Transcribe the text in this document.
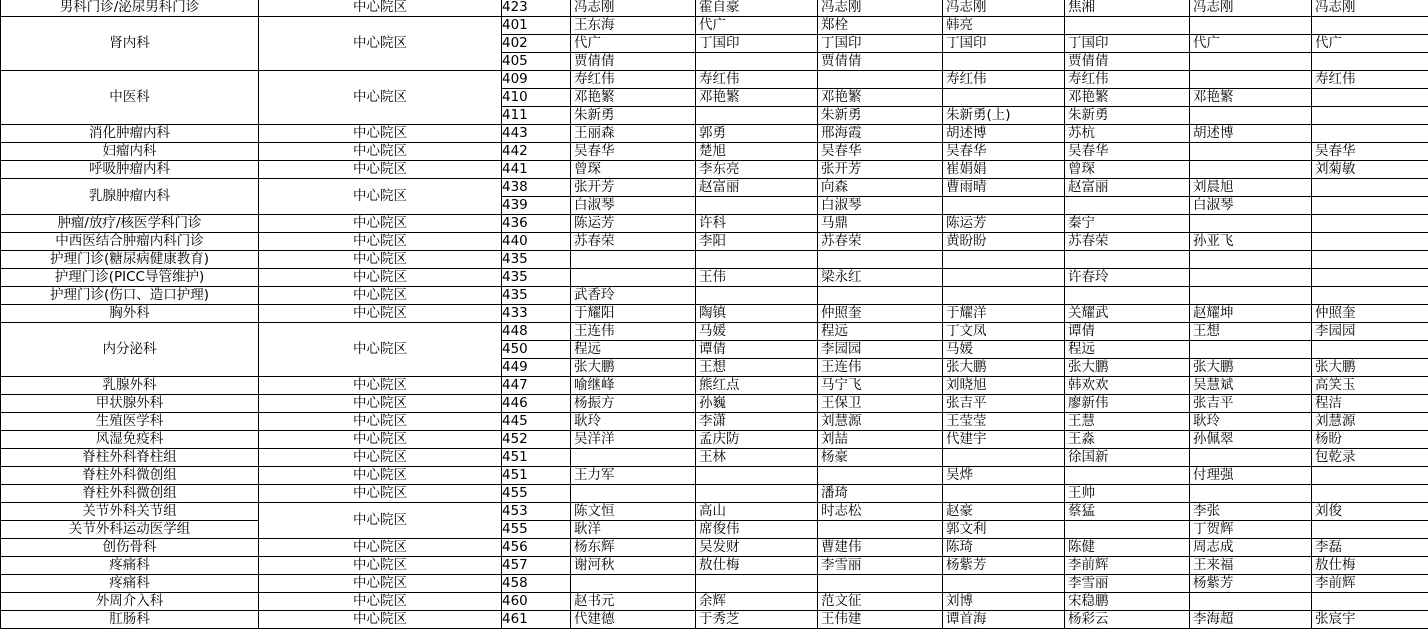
男科门诊/泌尿男科门诊	中心院区	423	冯志刚	霍自豪	冯志刚	冯志刚	焦湘	冯志刚	冯志刚
肾内科	中心院区	401	王东海	代广	郑栓	韩亮			
		402	代广	丁国印	丁国印	丁国印	丁国印	代广	代广
		405	贾倩倩		贾倩倩		贾倩倩		
中医科	中心院区	409	寿红伟	寿红伟		寿红伟	寿红伟		寿红伟
		410	邓艳繁	邓艳繁	邓艳繁		邓艳繁	邓艳繁	
		411	朱新勇		朱新勇	朱新勇(上)	朱新勇		
消化肿瘤内科	中心院区	443	王丽森	郭勇	邢海霞	胡述博	苏杭	胡述博	
妇瘤内科	中心院区	442	吴春华	楚旭	吴春华	吴春华	吴春华		吴春华
呼吸肿瘤内科	中心院区	441	曾琛	李东亮	张开芳	崔娟娟	曾琛		刘菊敏
乳腺肿瘤内科	中心院区	438	张开芳	赵富丽	向森	曹雨晴	赵富丽	刘晨旭	
		439	白淑琴		白淑琴			白淑琴	
肿瘤/放疗/核医学科门诊	中心院区	436	陈运芳	许科	马鼎	陈运芳	秦宁		
中西医结合肿瘤内科门诊	中心院区	440	苏春荣	李阳	苏春荣	黄盼盼	苏春荣	孙亚飞	
护理门诊(糖尿病健康教育)	中心院区	435							
护理门诊(PICC导管维护)	中心院区	435		王伟	梁永红		许春玲		
护理门诊(伤口、造口护理)	中心院区	435	武香玲						
胸外科	中心院区	433	于耀阳	陶镇	仲照奎	于耀洋	关耀武	赵耀坤	仲照奎
内分泌科	中心院区	448	王连伟	马媛	程远	丁文凤	谭倩	王想	李园园
		450	程远	谭倩	李园园	马媛	程远		
		449	张大鹏	王想	王连伟	张大鹏	张大鹏	张大鹏	张大鹏
乳腺外科	中心院区	447	喻继峰	熊红点	马宁飞	刘晓旭	韩欢欢	吴慧斌	高笑玉
甲状腺外科	中心院区	446	杨振方	孙巍	王保卫	张吉平	廖新伟	张吉平	程洁
生殖医学科	中心院区	445	耿玲	李潇	刘慧源	王莹莹	王慧	耿玲	刘慧源
风湿免疫科	中心院区	452	吴洋洋	孟庆防	刘喆	代建宇	王淼	孙佩翠	杨盼
脊柱外科脊柱组	中心院区	451		王林	杨豪		徐国新		包乾录
脊柱外科微创组	中心院区	451	王力军			吴烨		付理强	
脊柱外科微创组	中心院区	455			潘琦		王帅		
关节外科关节组	中心院区	453	陈文恒	高山	时志松	赵豪	蔡猛	李张	刘俊
关节外科运动医学组		455	耿洋	席俊伟		郭文利		丁贺辉	
创伤骨科	中心院区	456	杨东辉	吴发财	曹建伟	陈琦	陈健	周志成	李磊
疼痛科	中心院区	457	谢河秋	敖仕梅	李雪丽	杨紫芳	李前辉	王来福	敖仕梅
疼痛科	中心院区	458					李雪丽	杨紫芳	李前辉
外周介入科	中心院区	460	赵书元	余辉	范文征	刘博	宋稳鹏		
肛肠科	中心院区	461	代建德	于秀芝	王伟建	谭首海	杨彩云	李海超	张宸宇
